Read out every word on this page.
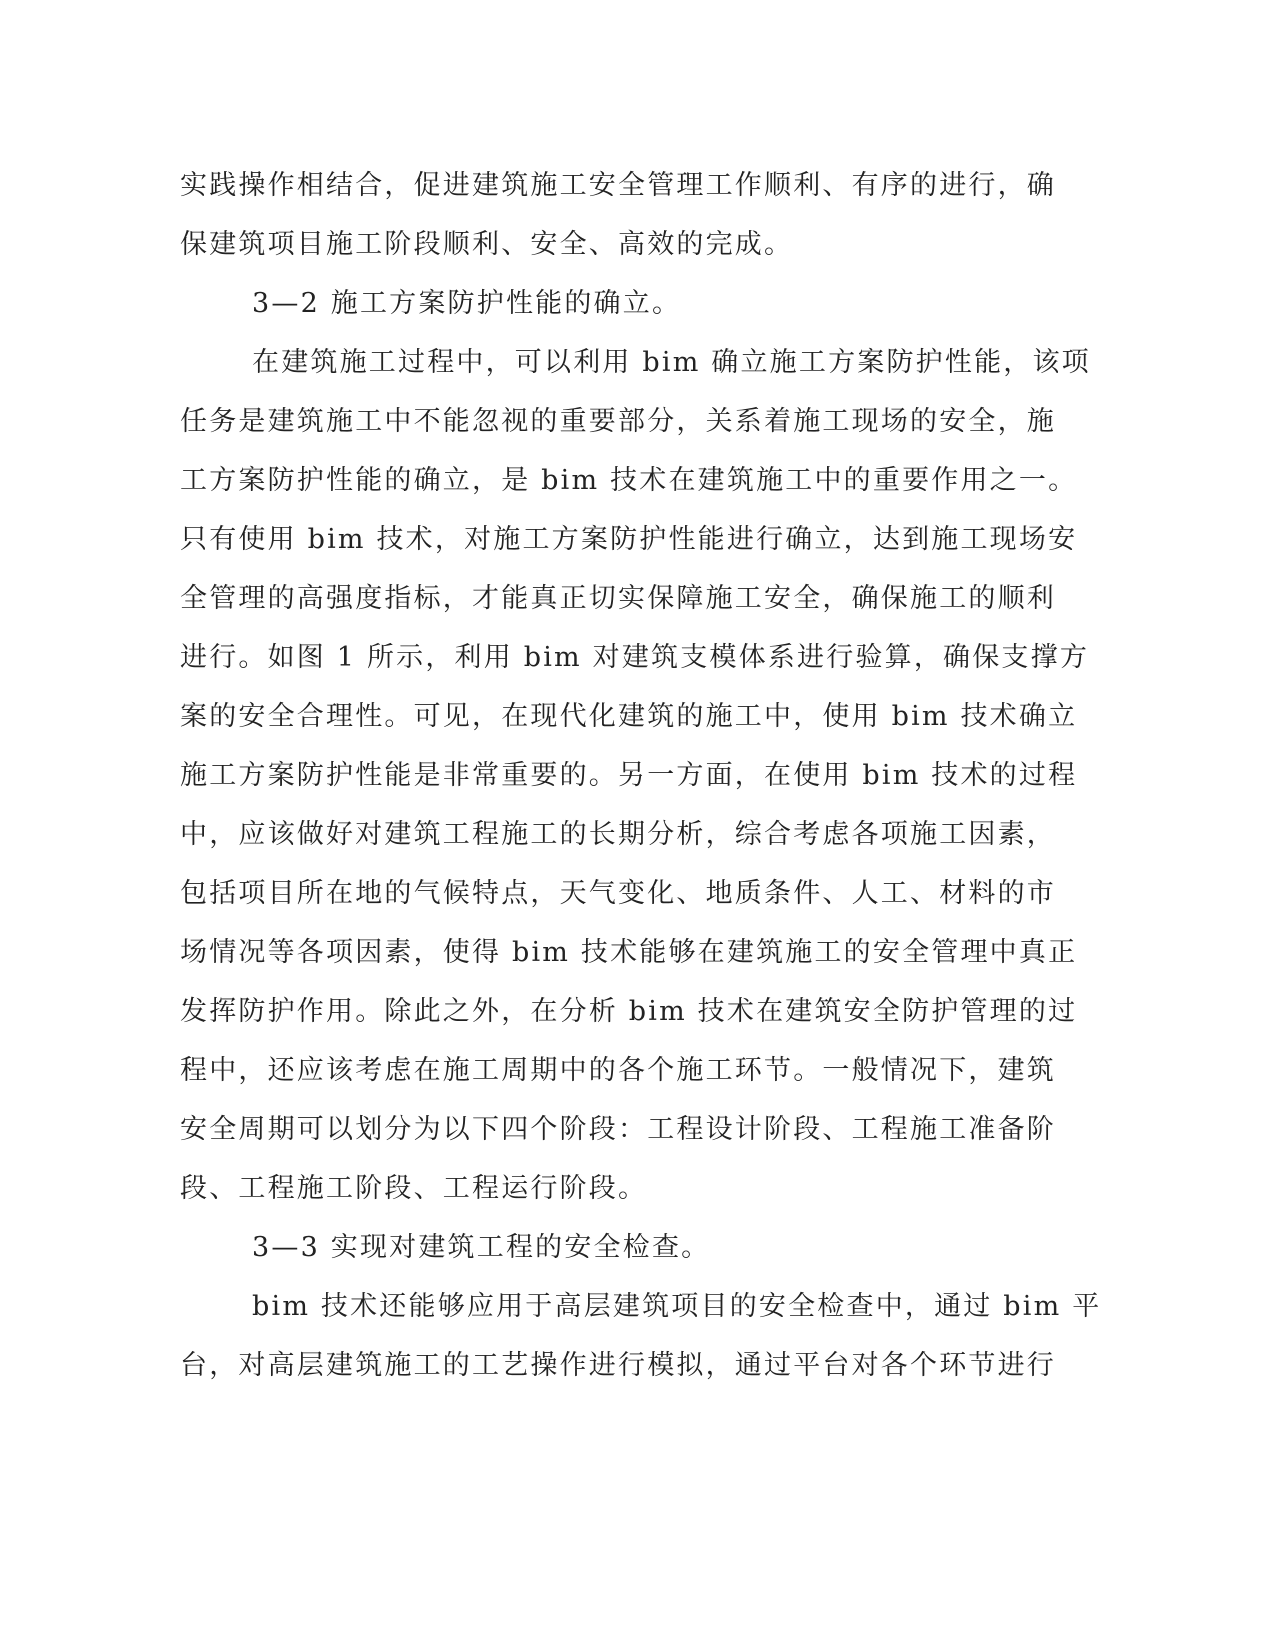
实践操作相结合，促进建筑施工安全管理工作顺利、有序的进行，确
保建筑项目施工阶段顺利、安全、高效的完成。
3—2 施工方案防护性能的确立。
在建筑施工过程中，可以利用 bim 确立施工方案防护性能，该项
任务是建筑施工中不能忽视的重要部分，关系着施工现场的安全，施
工方案防护性能的确立，是 bim 技术在建筑施工中的重要作用之一。
只有使用 bim 技术，对施工方案防护性能进行确立，达到施工现场安
全管理的高强度指标，才能真正切实保障施工安全，确保施工的顺利
进行。如图 1 所示，利用 bim 对建筑支模体系进行验算，确保支撑方
案的安全合理性。可见，在现代化建筑的施工中，使用 bim 技术确立
施工方案防护性能是非常重要的。另一方面，在使用 bim 技术的过程
中，应该做好对建筑工程施工的长期分析，综合考虑各项施工因素，
包括项目所在地的气候特点，天气变化、地质条件、人工、材料的市
场情况等各项因素，使得 bim 技术能够在建筑施工的安全管理中真正
发挥防护作用。除此之外，在分析 bim 技术在建筑安全防护管理的过
程中，还应该考虑在施工周期中的各个施工环节。一般情况下，建筑
安全周期可以划分为以下四个阶段：工程设计阶段、工程施工准备阶
段、工程施工阶段、工程运行阶段。
3—3 实现对建筑工程的安全检查。
bim 技术还能够应用于高层建筑项目的安全检查中，通过 bim 平
台，对高层建筑施工的工艺操作进行模拟，通过平台对各个环节进行
